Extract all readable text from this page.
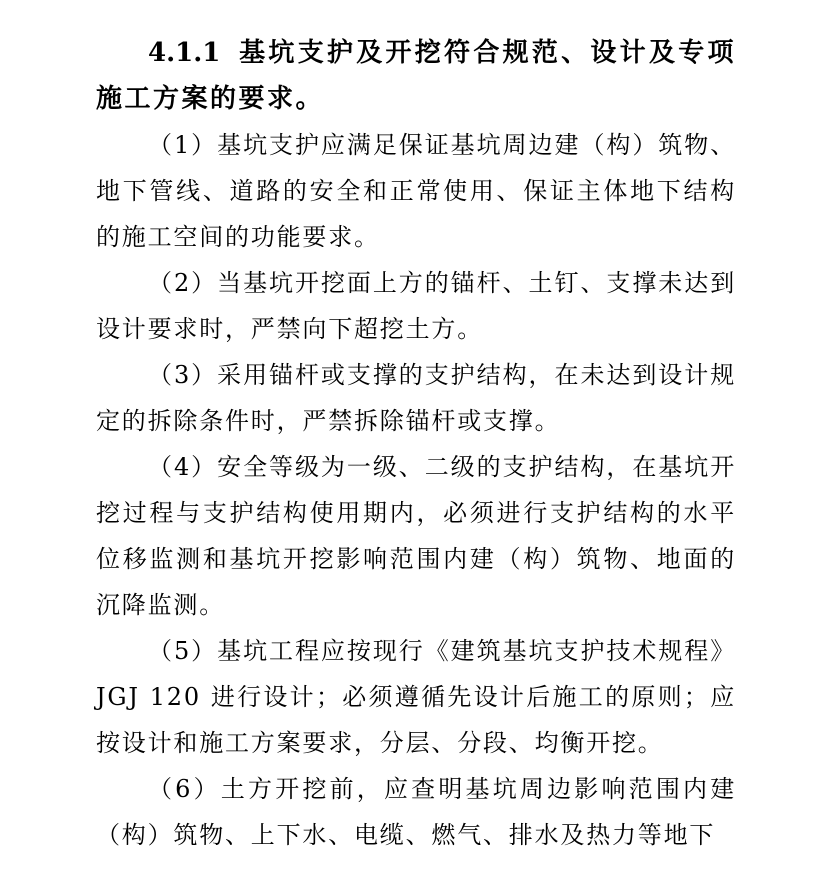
4.1.1 基坑支护及开挖符合规范、设计及专项施工方案的要求。

（1）基坑支护应满足保证基坑周边建（构）筑物、地下管线、道路的安全和正常使用、保证主体地下结构的施工空间的功能要求。

（2）当基坑开挖面上方的锚杆、土钉、支撑未达到设计要求时，严禁向下超挖土方。

（3）采用锚杆或支撑的支护结构，在未达到设计规定的拆除条件时，严禁拆除锚杆或支撑。

（4）安全等级为一级、二级的支护结构，在基坑开挖过程与支护结构使用期内，必须进行支护结构的水平位移监测和基坑开挖影响范围内建（构）筑物、地面的沉降监测。

（5）基坑工程应按现行《建筑基坑支护技术规程》JGJ 120 进行设计；必须遵循先设计后施工的原则；应按设计和施工方案要求，分层、分段、均衡开挖。

（6）土方开挖前，应查明基坑周边影响范围内建（构）筑物、上下水、电缆、燃气、排水及热力等地下
